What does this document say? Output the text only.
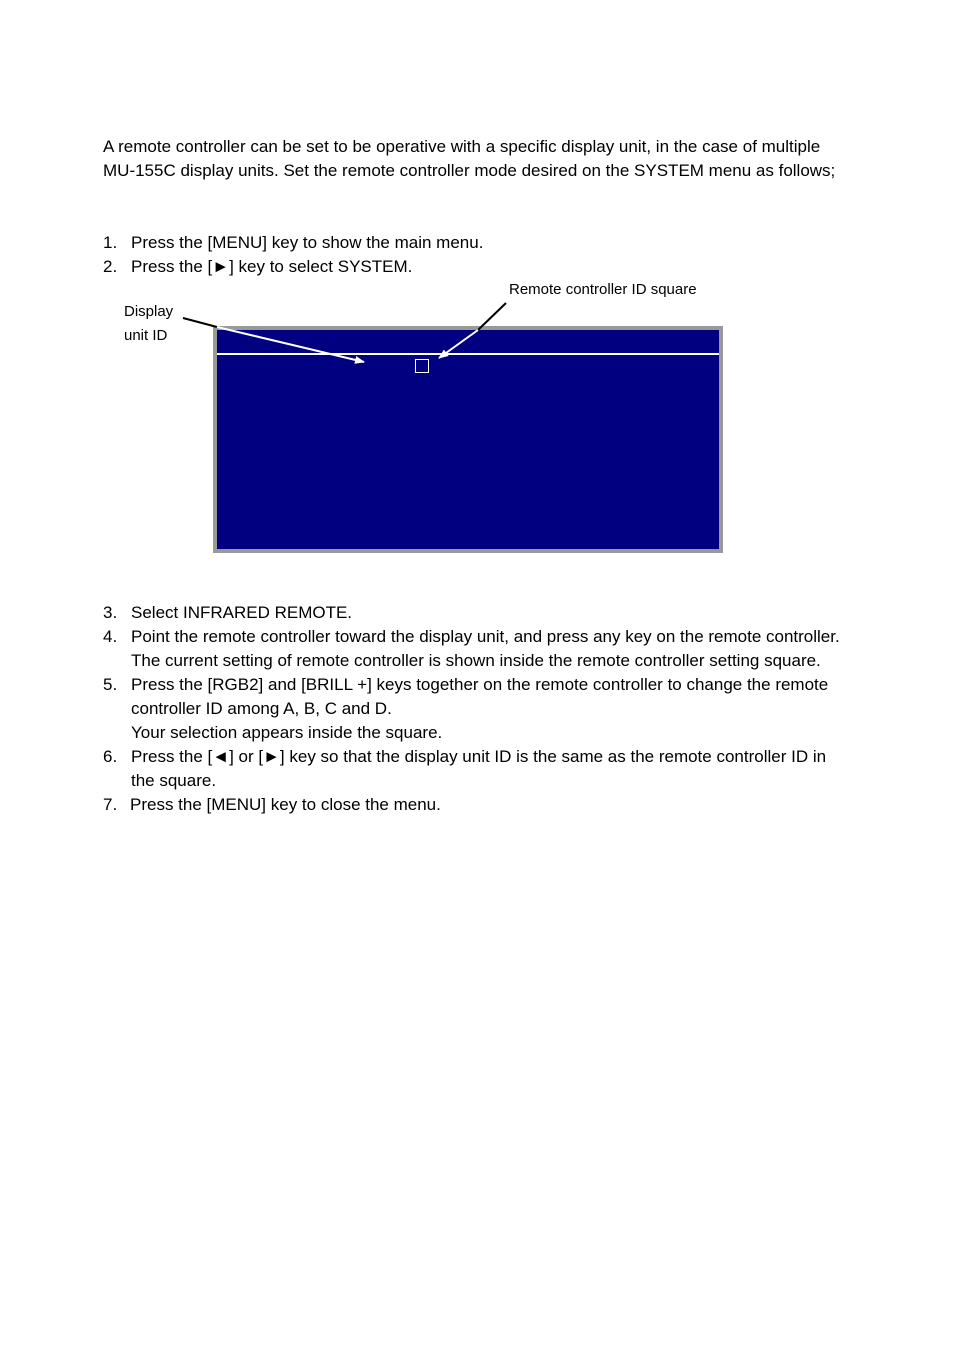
A remote controller can be set to be operative with a specific display unit, in the case of multiple MU-155C display units. Set the remote controller mode desired on the SYSTEM menu as follows;

1. Press the [MENU] key to show the main menu.
2. Press the [►] key to select SYSTEM.
Display
unit ID
Remote controller ID square
3. Select INFRARED REMOTE.
4. Point the remote controller toward the display unit, and press any key on the remote controller. The current setting of remote controller is shown inside the remote controller setting square.
5. Press the [RGB2] and [BRILL +] keys together on the remote controller to change the remote controller ID among A, B, C and D.
Your selection appears inside the square.
6. Press the [◄] or [►] key so that the display unit ID is the same as the remote controller ID in the square.
7. Press the [MENU] key to close the menu.
